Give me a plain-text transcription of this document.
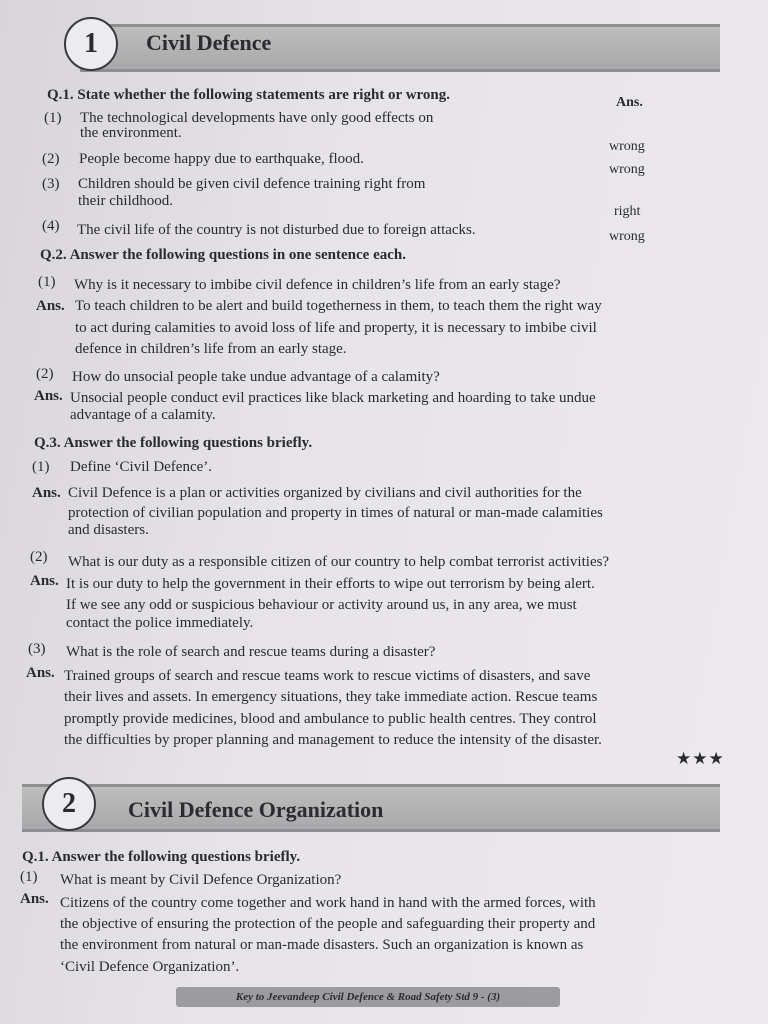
1 Civil Defence
Q.1. State whether the following statements are right or wrong.	Ans.
(1) The technological developments have only good effects on
the environment.
wrong
(2) People become happy due to earthquake, flood.
wrong
(3) Children should be given civil defence training right from
their childhood.
right
(4) The civil life of the country is not disturbed due to foreign attacks.	wrong
Q.2. Answer the following questions in one sentence each.
(1) Why is it necessary to imbibe civil defence in children’s life from an early stage?
Ans. To teach children to be alert and build togetherness in them, to teach them the right way
to act during calamities to avoid loss of life and property, it is necessary to imbibe civil
defence in children’s life from an early stage.
(2) How do unsocial people take undue advantage of a calamity?
Ans. Unsocial people conduct evil practices like black marketing and hoarding to take undue
advantage of a calamity.
Q.3. Answer the following questions briefly.
(1) Define ‘Civil Defence’.
Ans. Civil Defence is a plan or activities organized by civilians and civil authorities for the
protection of civilian population and property in times of natural or man-made calamities
and disasters.
(2) What is our duty as a responsible citizen of our country to help combat terrorist activities?
Ans. It is our duty to help the government in their efforts to wipe out terrorism by being alert.
If we see any odd or suspicious behaviour or activity around us, in any area, we must
contact the police immediately.
(3) What is the role of search and rescue teams during a disaster?
Ans. Trained groups of search and rescue teams work to rescue victims of disasters, and save
their lives and assets. In emergency situations, they take immediate action. Rescue teams
promptly provide medicines, blood and ambulance to public health centres. They control
the difficulties by proper planning and management to reduce the intensity of the disaster.
★★★
2 Civil Defence Organization
Q.1. Answer the following questions briefly.
(1) What is meant by Civil Defence Organization?
Ans. Citizens of the country come together and work hand in hand with the armed forces, with
the objective of ensuring the protection of the people and safeguarding their property and
the environment from natural or man-made disasters. Such an organization is known as
‘Civil Defence Organization’.
Key to Jeevandeep Civil Defence & Road Safety Std 9 - (3)
